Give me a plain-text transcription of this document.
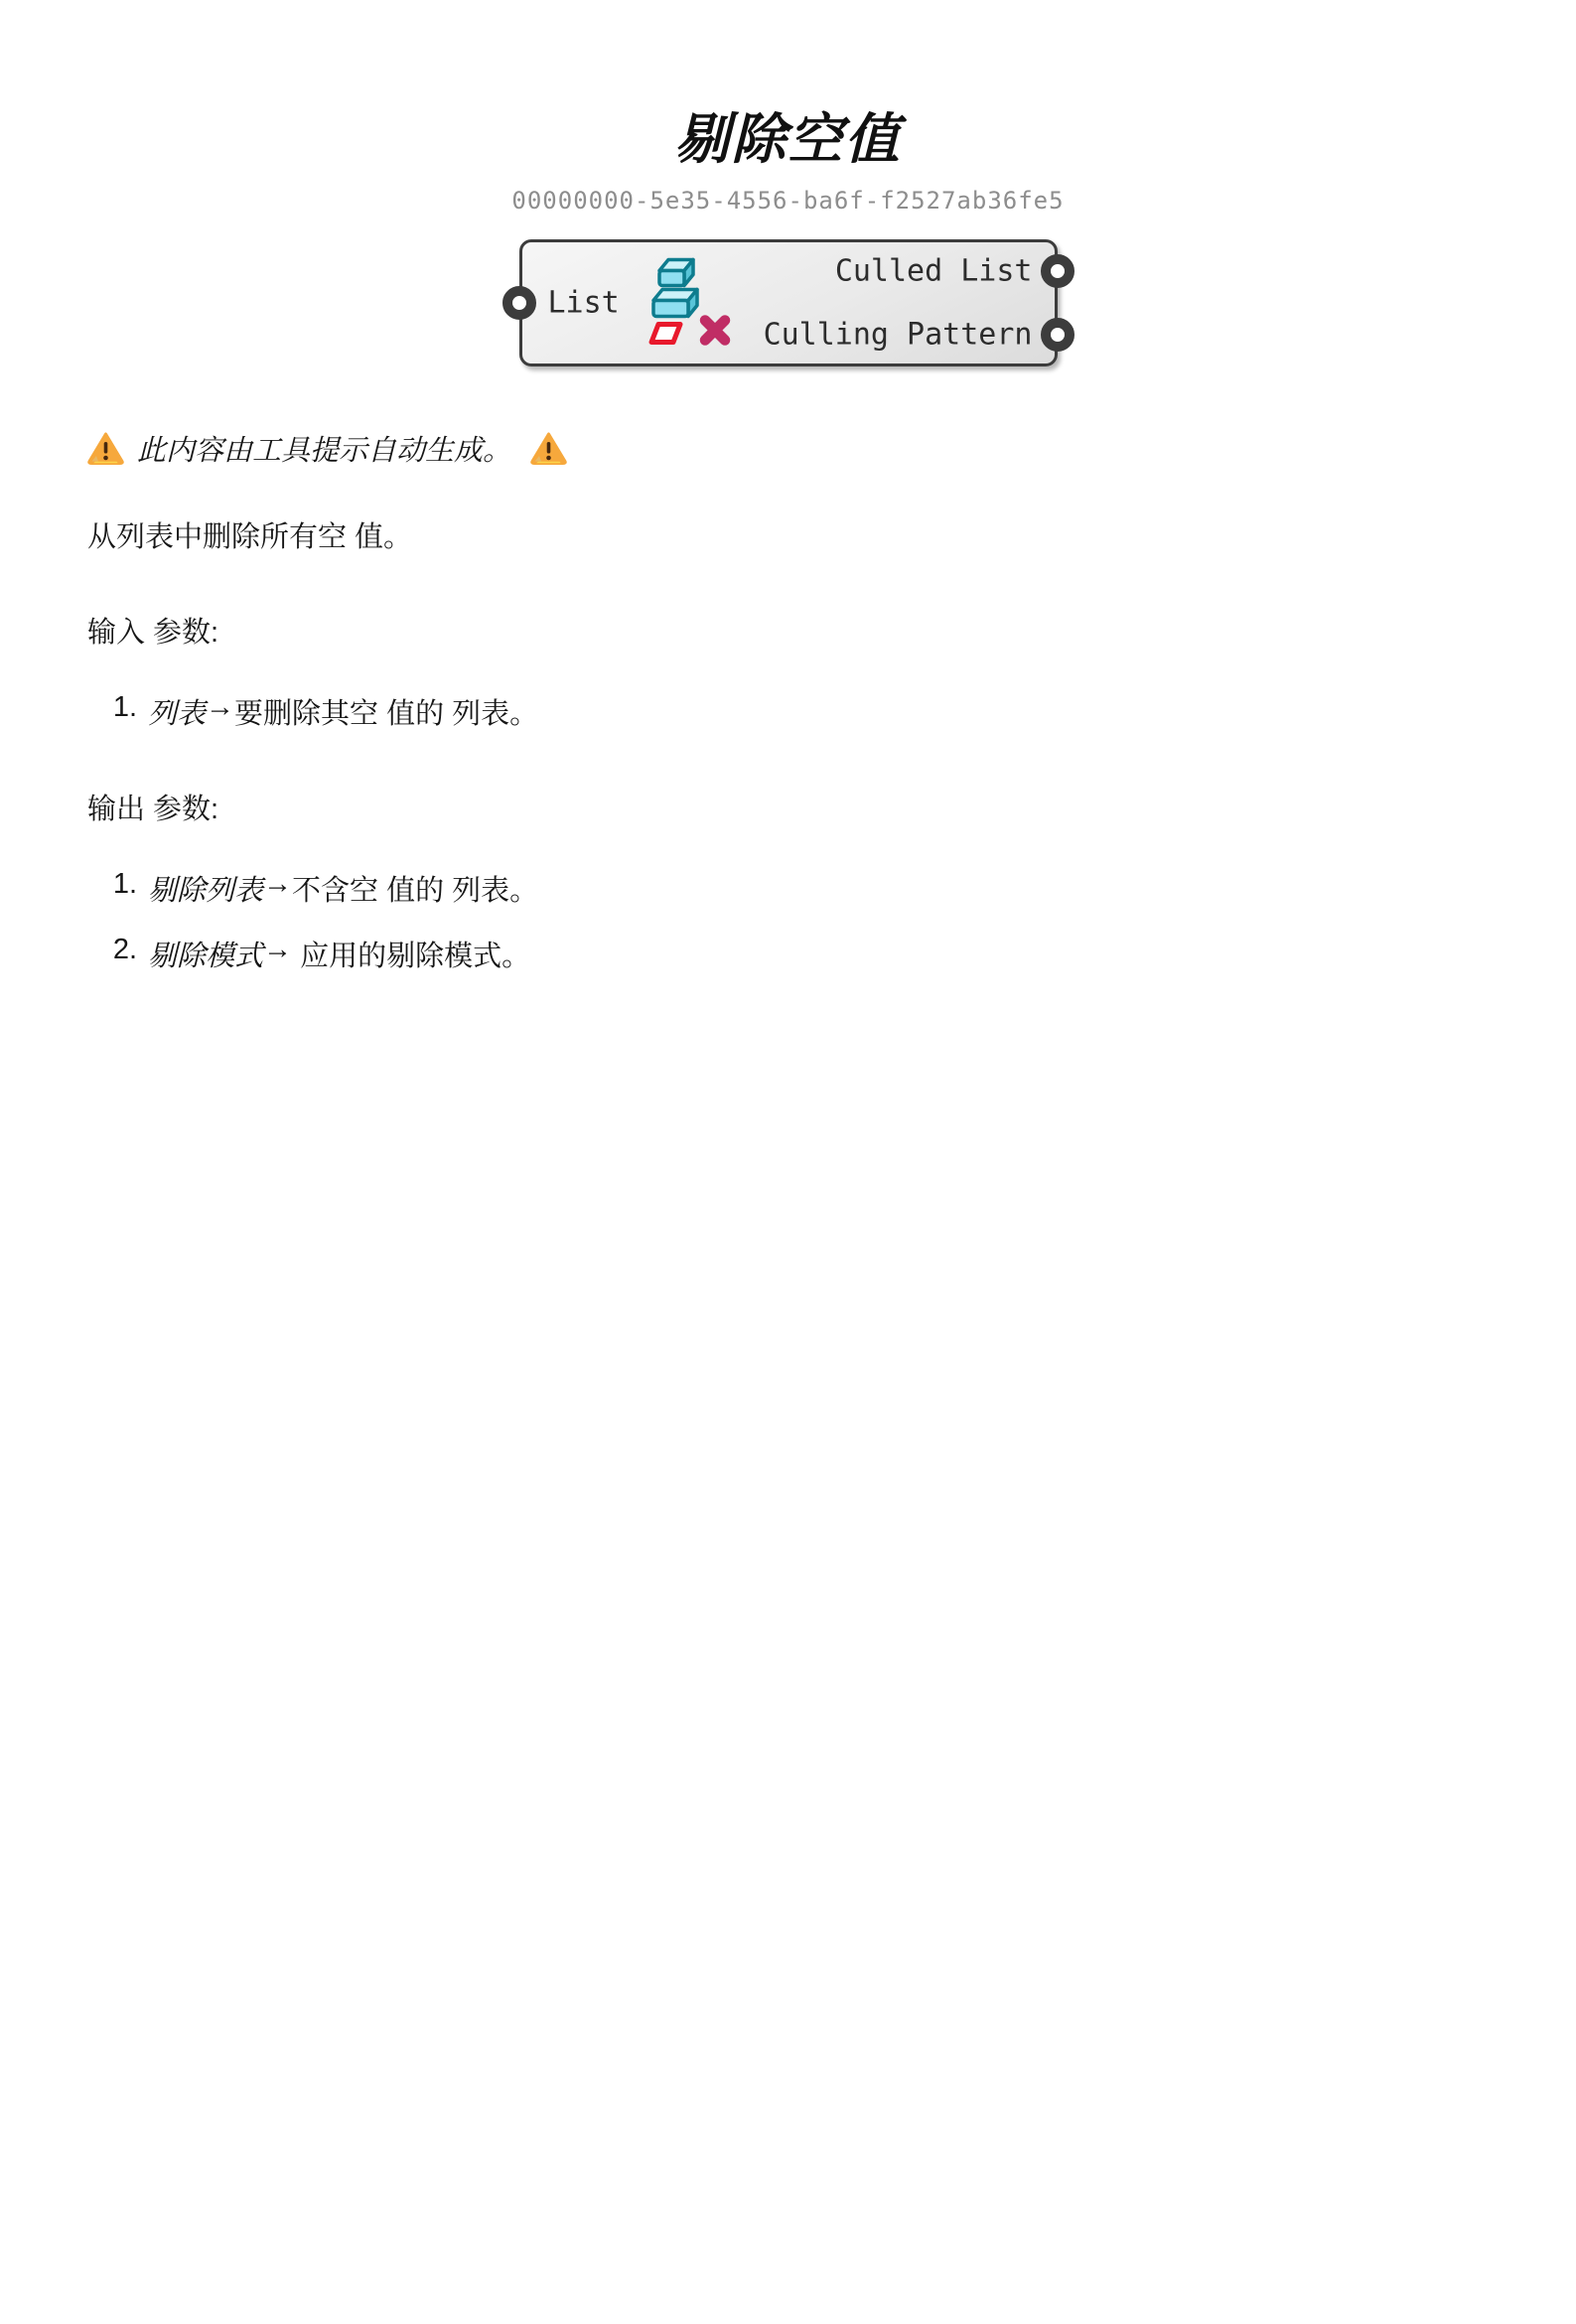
剔除空值
00000000-5e35-4556-ba6f-f2527ab36fe5
List
Culled List
Culling Pattern
此内容由工具提示自动生成。

从列表中删除所有空 值。

输入 参数:

1. 列表 → 要删除其空 值的 列表。

输出 参数:

1. 剔除列表 → 不含空 值的 列表。
2. 剔除模式 → 应用的剔除模式。
